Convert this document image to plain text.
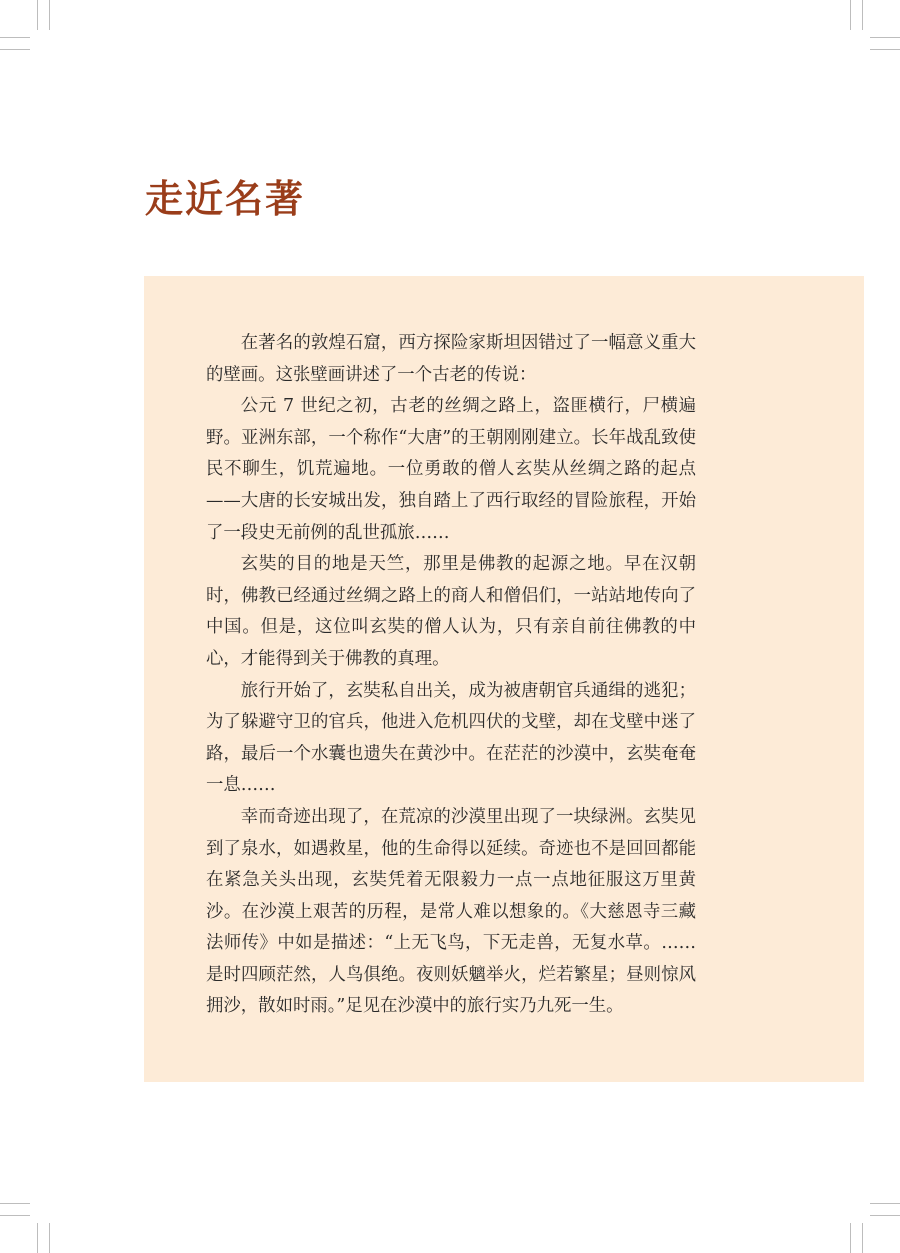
走近名著

在著名的敦煌石窟，西方探险家斯坦因错过了一幅意义重大的壁画。这张壁画讲述了一个古老的传说：

公元 7 世纪之初，古老的丝绸之路上，盗匪横行，尸横遍野。亚洲东部，一个称作“大唐”的王朝刚刚建立。长年战乱致使民不聊生，饥荒遍地。一位勇敢的僧人玄奘从丝绸之路的起点——大唐的长安城出发，独自踏上了西行取经的冒险旅程，开始了一段史无前例的乱世孤旅……

玄奘的目的地是天竺，那里是佛教的起源之地。早在汉朝时，佛教已经通过丝绸之路上的商人和僧侣们，一站站地传向了中国。但是，这位叫玄奘的僧人认为，只有亲自前往佛教的中心，才能得到关于佛教的真理。

旅行开始了，玄奘私自出关，成为被唐朝官兵通缉的逃犯；为了躲避守卫的官兵，他进入危机四伏的戈壁，却在戈壁中迷了路，最后一个水囊也遗失在黄沙中。在茫茫的沙漠中，玄奘奄奄一息……

幸而奇迹出现了，在荒凉的沙漠里出现了一块绿洲。玄奘见到了泉水，如遇救星，他的生命得以延续。奇迹也不是回回都能在紧急关头出现，玄奘凭着无限毅力一点一点地征服这万里黄沙。在沙漠上艰苦的历程，是常人难以想象的。《大慈恩寺三藏法师传》中如是描述：“上无飞鸟，下无走兽，无复水草。……是时四顾茫然，人鸟俱绝。夜则妖魑举火，烂若繁星；昼则惊风拥沙，散如时雨。”足见在沙漠中的旅行实乃九死一生。
